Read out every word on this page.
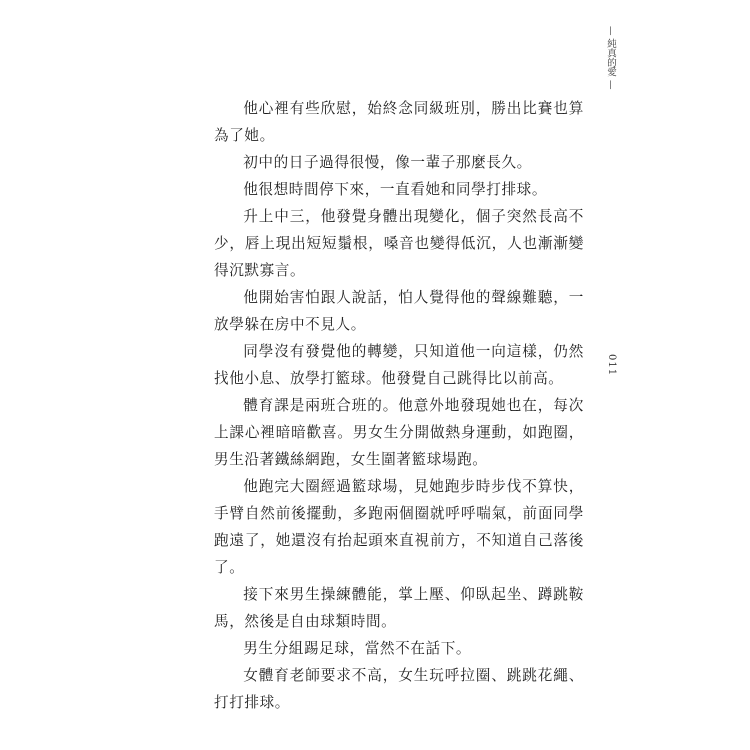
— 純真的愛 —
011

他心裡有些欣慰，始終念同級班別，勝出比賽也算為了她。

初中的日子過得很慢，像一輩子那麼長久。

他很想時間停下來，一直看她和同學打排球。

升上中三，他發覺身體出現變化，個子突然長高不少，唇上現出短短鬚根，嗓音也變得低沉，人也漸漸變得沉默寡言。

他開始害怕跟人說話，怕人覺得他的聲線難聽，一放學躲在房中不見人。

同學沒有發覺他的轉變，只知道他一向這樣，仍然找他小息、放學打籃球。他發覺自己跳得比以前高。

體育課是兩班合班的。他意外地發現她也在，每次上課心裡暗暗歡喜。男女生分開做熱身運動，如跑圈，男生沿著鐵絲網跑，女生圍著籃球場跑。

他跑完大圈經過籃球場，見她跑步時步伐不算快，手臂自然前後擺動，多跑兩個圈就呼呼喘氣，前面同學跑遠了，她還沒有抬起頭來直視前方，不知道自己落後了。

接下來男生操練體能，掌上壓、仰臥起坐、蹲跳鞍馬，然後是自由球類時間。

男生分組踢足球，當然不在話下。

女體育老師要求不高，女生玩呼拉圈、跳跳花繩、打打排球。
